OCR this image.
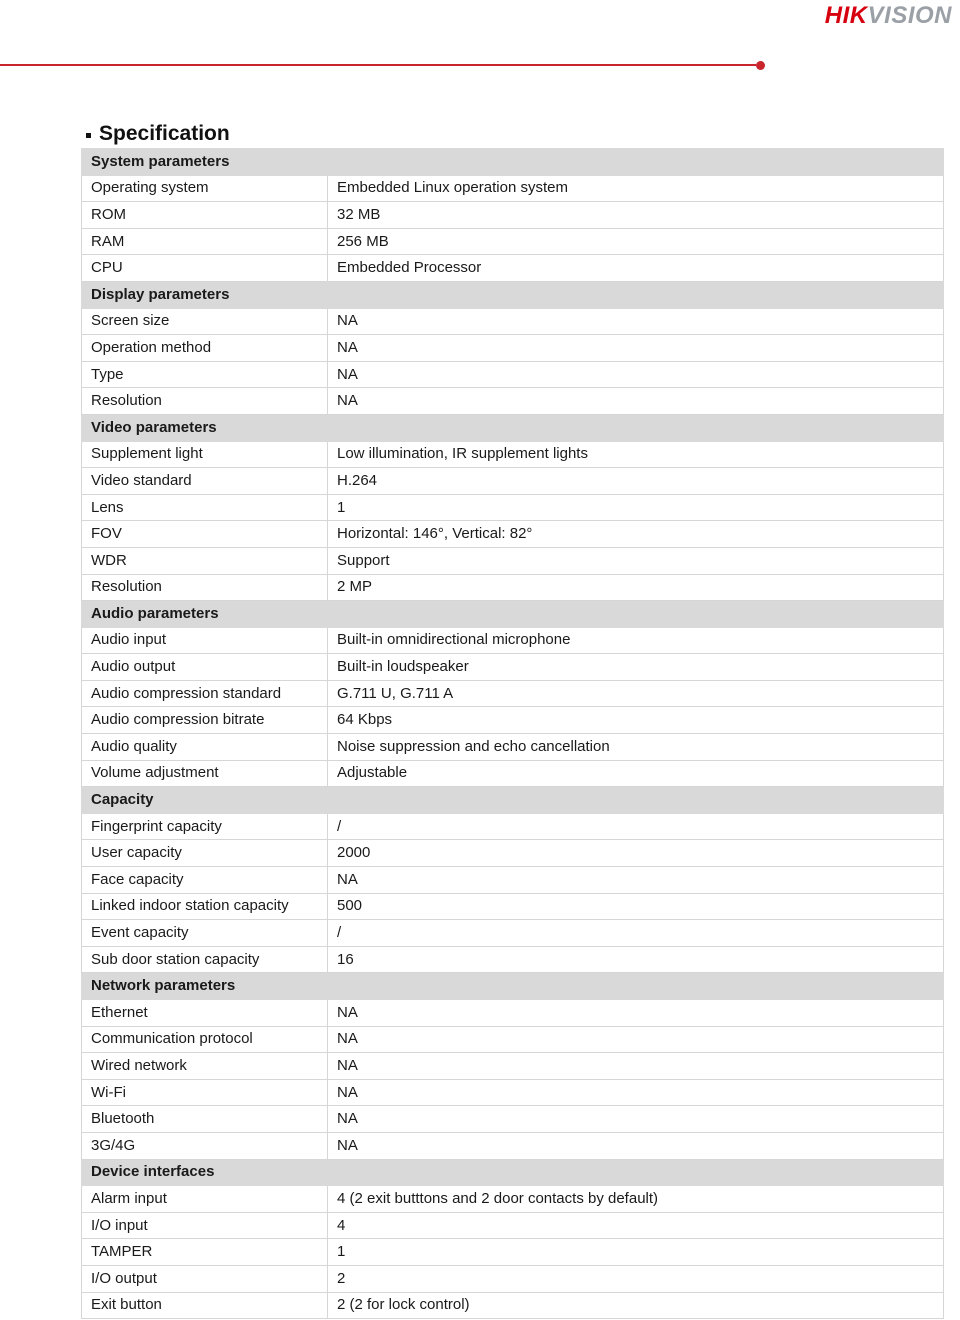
HIKVISION
Specification
System parameters	
Operating system	Embedded Linux operation system
ROM	32 MB
RAM	256 MB
CPU	Embedded Processor
Display parameters	
Screen size	NA
Operation method	NA
Type	NA
Resolution	NA
Video parameters	
Supplement light	Low illumination, IR supplement lights
Video standard	H.264
Lens	1
FOV	Horizontal: 146°, Vertical: 82°
WDR	Support
Resolution	2 MP
Audio parameters	
Audio input	Built-in omnidirectional microphone
Audio output	Built-in loudspeaker
Audio compression standard	G.711 U, G.711 A
Audio compression bitrate	64 Kbps
Audio quality	Noise suppression and echo cancellation
Volume adjustment	Adjustable
Capacity	
Fingerprint capacity	/
User capacity	2000
Face capacity	NA
Linked indoor station capacity	500
Event capacity	/
Sub door station capacity	16
Network parameters	
Ethernet	NA
Communication protocol	NA
Wired network	NA
Wi-Fi	NA
Bluetooth	NA
3G/4G	NA
Device interfaces	
Alarm input	4 (2 exit butttons and 2 door contacts by default)
I/O input	4
TAMPER	1
I/O output	2
Exit button	2 (2 for lock control)
